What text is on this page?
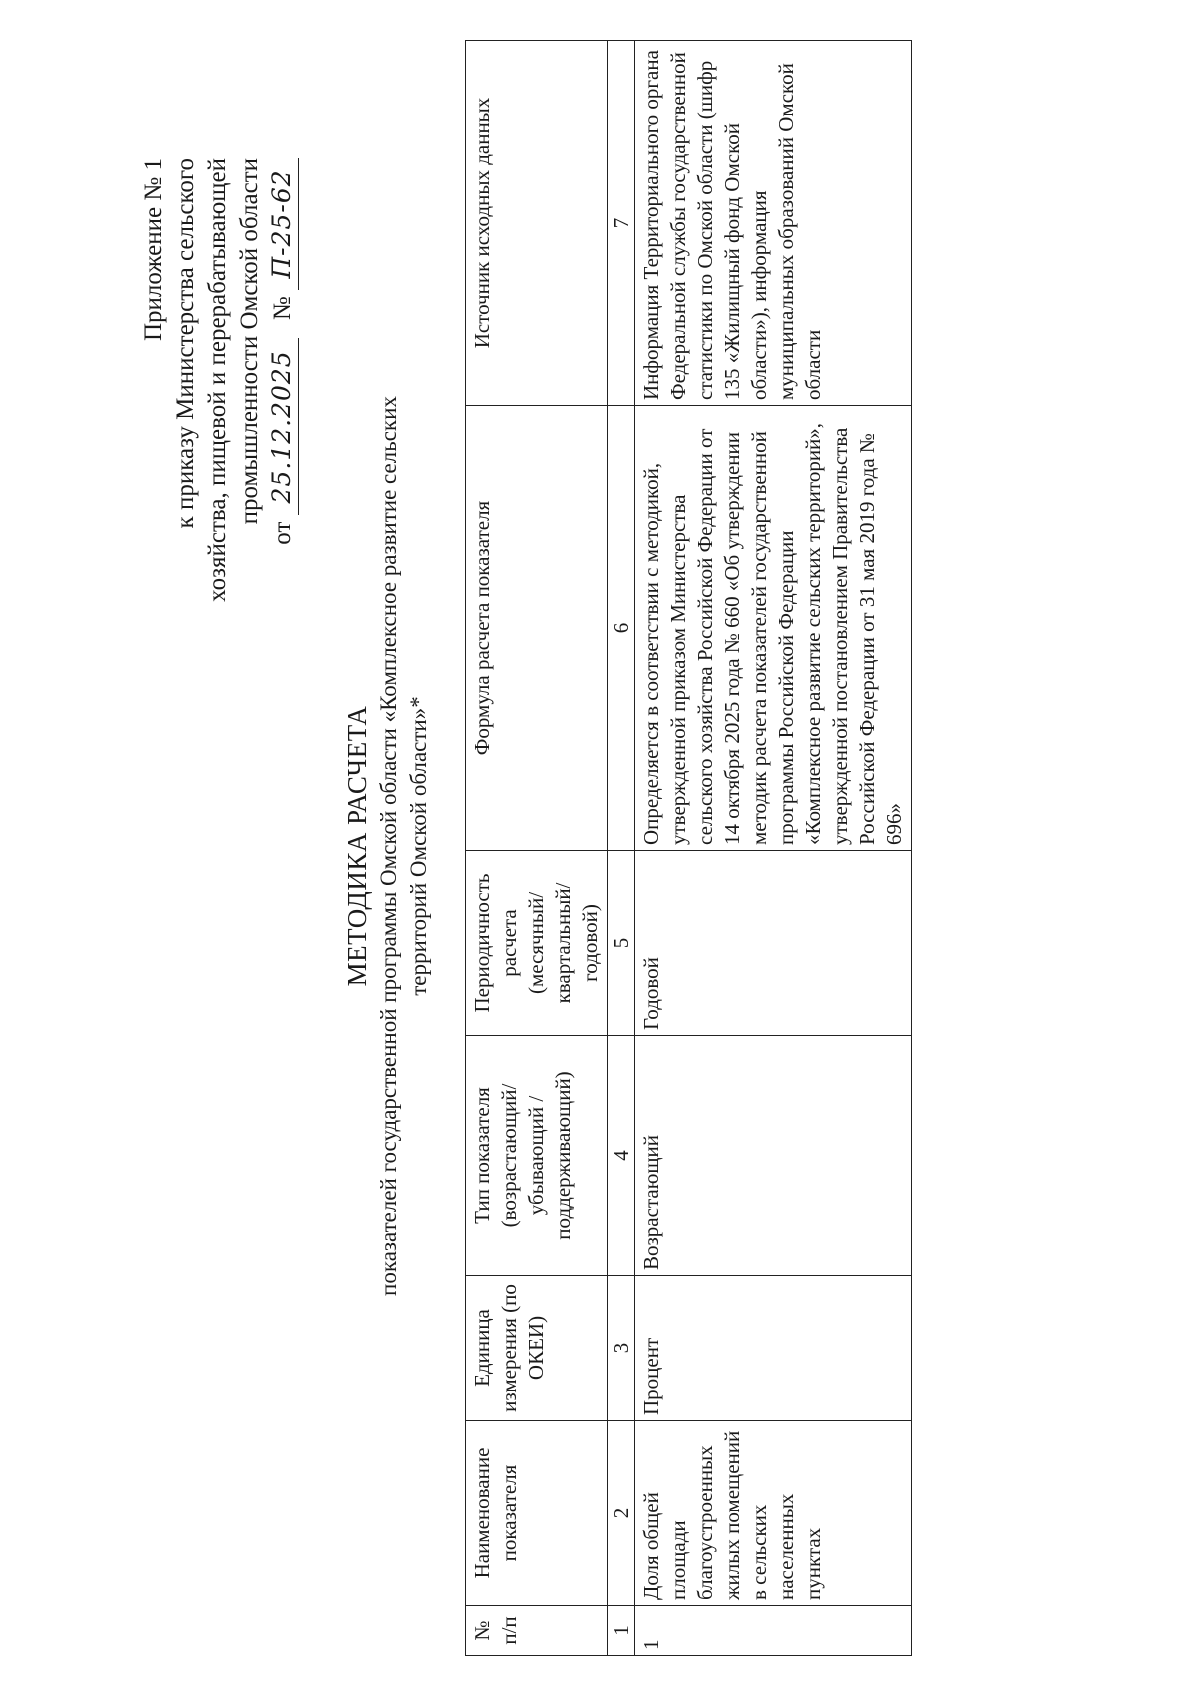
Приложение № 1 к приказу Министерства сельского хозяйства, пищевой и перерабатывающей промышленности Омской области
от 25.12.2025 № П-25-62
МЕТОДИКА РАСЧЕТА показателей государственной программы Омской области «Комплексное развитие сельских территорий Омской области»*
№ п/п	Наименование показателя	Единица измерения (по ОКЕИ)	Тип показателя (возрастающий/ убывающий / поддерживающий)	Периодичность расчета (месячный/ квартальный/ годовой)	Формула расчета показателя	Источник исходных данных
1	2	3	4	5	6	7
1	Доля общей площади благоустроенных жилых помещений в сельских населенных пунктах	Процент	Возрастающий	Годовой	Определяется в соответствии с методикой, утвержденной приказом Министерства сельского хозяйства Российской Федерации от 14 октября 2025 года № 660 «Об утверждении методик расчета показателей государственной программы Российской Федерации «Комплексное развитие сельских территорий», утвержденной постановлением Правительства Российской Федерации от 31 мая 2019 года № 696»	Информация Территориального органа Федеральной службы государственной статистики по Омской области (шифр 135 «Жилищный фонд Омской области»), информация муниципальных образований Омской области
